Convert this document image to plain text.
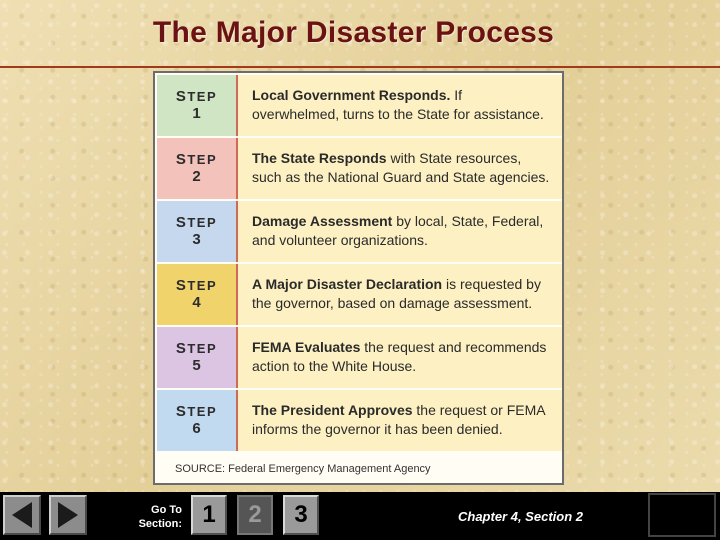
The Major Disaster Process
STEP
1
Local Government Responds. If overwhelmed, turns to the State for assistance.
STEP
2
The State Responds with State resources, such as the National Guard and State agencies.
STEP
3
Damage Assessment by local, State, Federal, and volunteer organizations.
STEP
4
A Major Disaster Declaration is requested by the governor, based on damage assessment.
STEP
5
FEMA Evaluates the request and recommends action to the White House.
STEP
6
The President Approves the request or FEMA informs the governor it has been denied.
SOURCE: Federal Emergency Management Agency
Go To
Section: 1	2	3	Chapter 4, Section 2
